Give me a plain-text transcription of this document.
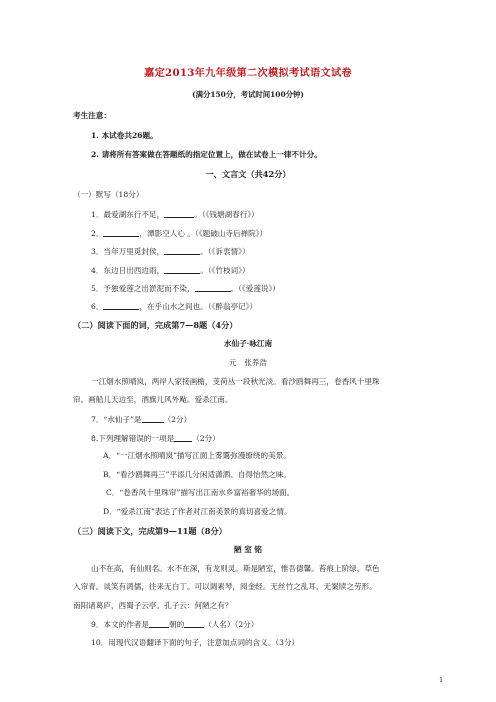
嘉定2013年九年级第二次模拟考试语文试卷
(满分150分，考试时间100分钟)
考生注意：
1. 本试卷共26题。
2. 请将所有答案做在答题纸的指定位置上，做在试卷上一律不计分。
一、文言文（共42分）
（一）默写（18分）
1．最爱湖东行不足，	。（《钱塘湖春行》）
2．	，潭影空人心 。（《题破山寺后禅院》）
3．当年万里觅封侯，	。（《诉衷情》）
4．东边日出西边雨，	。（《竹枝词》）
5．予独爱莲之出淤泥而不染，	。（《爱莲说》）
6．	，在乎山水之间也。（《醉翁亭记》）
（二）阅读下面的词，完成第7—8题（4分）
水仙子·咏江南
元　张养浩
一江烟水照晴岚，两岸人家接画檐，芰荷丛一段秋光淡。看沙鸥舞再三，卷香风十里珠
帘。画船儿天边至，酒旗儿风外飐。爱杀江南。
7．“水仙子”是	（2分）
8.下列理解错误的一项是 （2分）
A．“一江烟水照晴岚”描写江面上雾霭弥漫缭绕的美景。
B．“看沙鸥舞再三”平添几分闲适潇洒、自得怡然之味。
C．“卷香风十里珠帘”描写出江南水乡富裕奢华的场面。
D．“爱杀江南”表达了作者对江南美景的真切喜爱之情。
（三）阅读下文，完成第9—11题（8分）
陋 室 铭
山不在高，有仙则名。水不在深，有龙则灵。斯是陋室，惟吾德馨。苔痕上阶绿，草色
入帘青。谈笑有鸿儒，往来无白丁。可以调素琴，阅金经。无丝竹之乱耳，无案牍之劳形。
南阳诸葛庐，西蜀子云亭。孔子云：何陋之有？
9．本文的作者是	朝的	（人名）（2分）
10．用现代汉语翻译下面的句子，注意加点词的含义。（3分）
1
